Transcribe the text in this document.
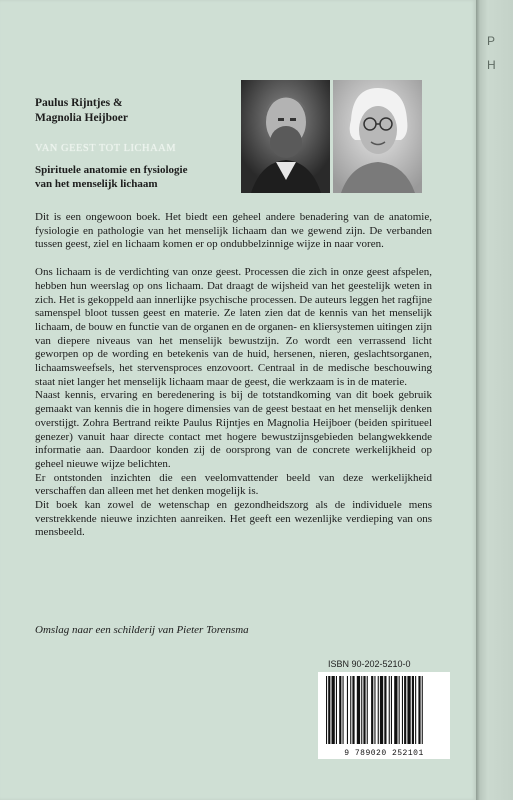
P
H
Paulus Rijntjes &
Magnolia Heijboer
VAN GEEST TOT LICHAAM
Spirituele anatomie en fysiologie
van het menselijk lichaam

Dit is een ongewoon boek. Het biedt een geheel andere benadering van de anatomie, fysiologie en pathologie van het menselijk lichaam dan we gewend zijn. De verbanden tussen geest, ziel en lichaam komen er op ondubbelzinnige wijze in naar voren.

Ons lichaam is de verdichting van onze geest. Processen die zich in onze geest afspelen, hebben hun weerslag op ons lichaam. Dat draagt de wijsheid van het geestelijk weten in zich. Het is gekoppeld aan innerlijke psychische processen. De auteurs leggen het ragfijne samenspel bloot tussen geest en materie. Ze laten zien dat de kennis van het menselijk lichaam, de bouw en functie van de organen en de organen- en kliersystemen uitingen zijn van diepere niveaus van het menselijk bewustzijn. Zo wordt een verrassend licht geworpen op de wording en betekenis van de huid, hersenen, nieren, geslachtsorganen, lichaamsweefsels, het stervensproces enzovoort. Centraal in de medische beschouwing staat niet langer het menselijk lichaam maar de geest, die werkzaam is in de materie.

Naast kennis, ervaring en beredenering is bij de totstandkoming van dit boek gebruik gemaakt van kennis die in hogere dimensies van de geest bestaat en het menselijk denken overstijgt. Zohra Bertrand reikte Paulus Rijntjes en Magnolia Heijboer (beiden spiritueel genezer) vanuit haar directe contact met hogere bewustzijnsgebieden belangwekkende informatie aan. Daardoor konden zij de oorsprong van de concrete werkelijkheid op geheel nieuwe wijze belichten.

Er ontstonden inzichten die een veelomvattender beeld van deze werkelijkheid verschaffen dan alleen met het denken mogelijk is.

Dit boek kan zowel de wetenschap en gezondheidszorg als de individuele mens verstrekkende nieuwe inzichten aanreiken. Het geeft een wezenlijke verdieping van ons mensbeeld.

Omslag naar een schilderij van Pieter Torensma
ISBN 90-202-5210-0
9 789020 252101
